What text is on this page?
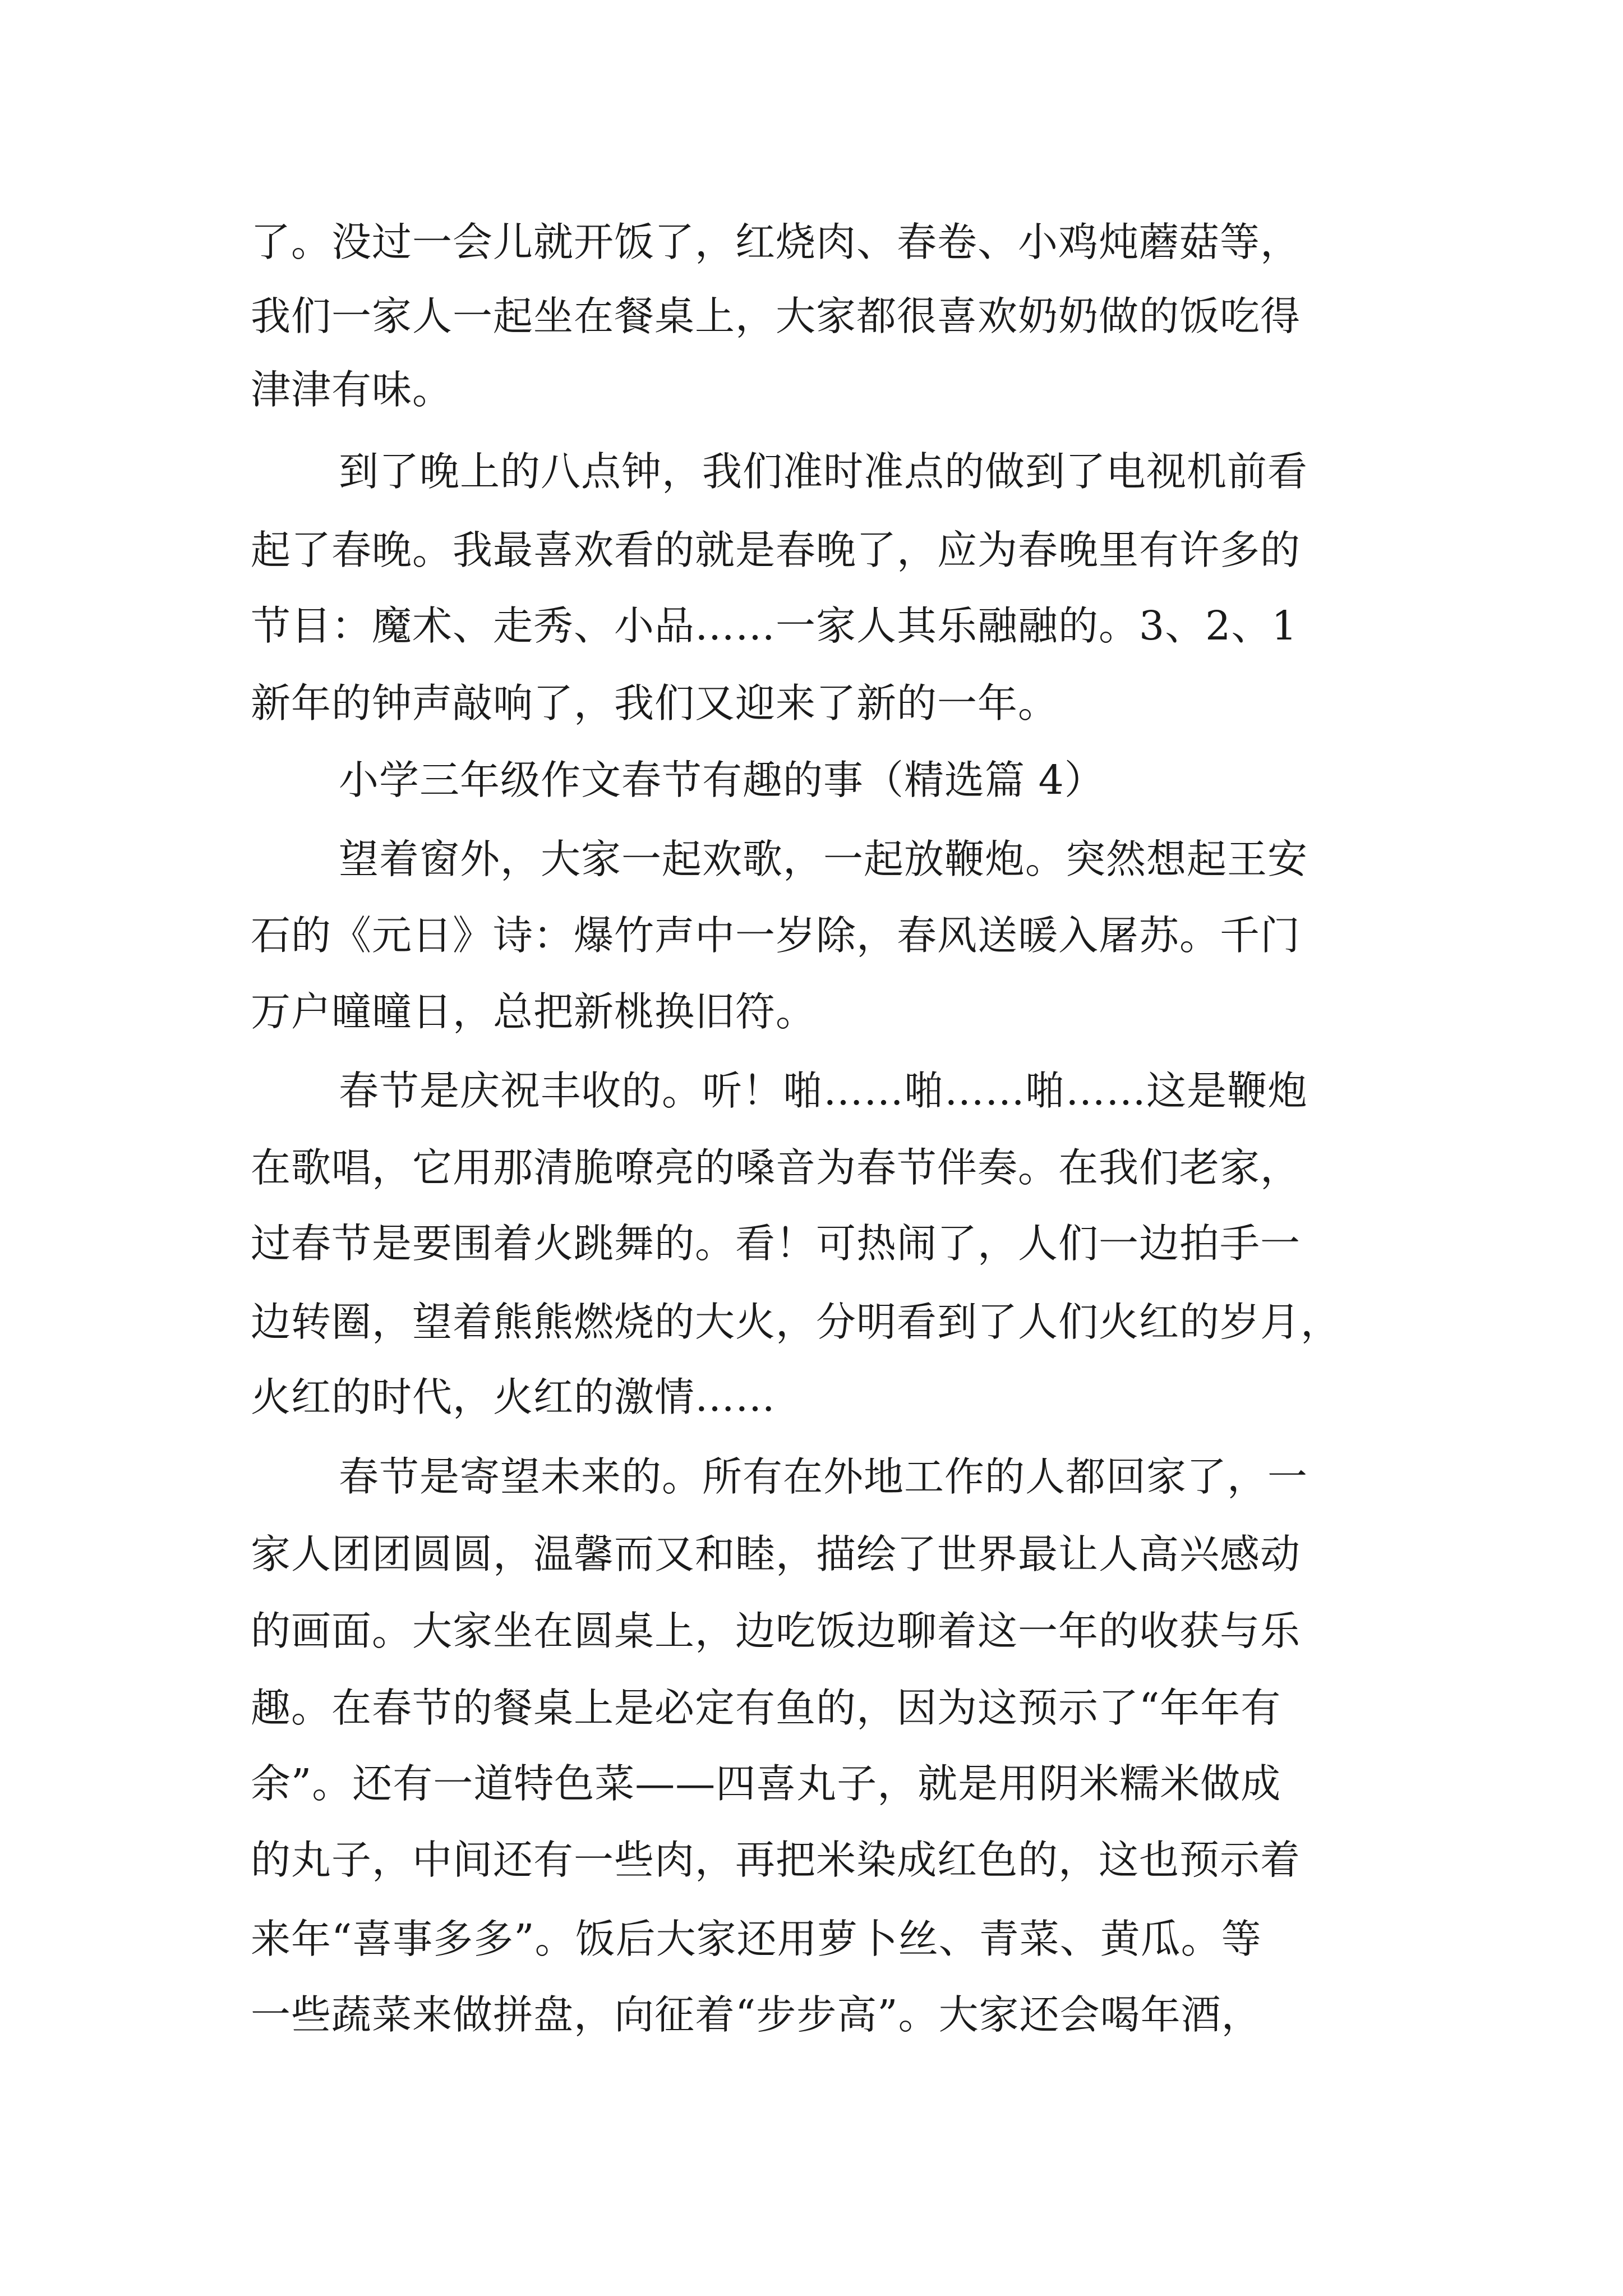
了。没过一会儿就开饭了，红烧肉、春卷、小鸡炖蘑菇等，

我们一家人一起坐在餐桌上，大家都很喜欢奶奶做的饭吃得

津津有味。

到了晚上的八点钟，我们准时准点的做到了电视机前看

起了春晚。我最喜欢看的就是春晚了，应为春晚里有许多的

节目：魔术、走秀、小品……一家人其乐融融的。3、2、1

新年的钟声敲响了，我们又迎来了新的一年。

小学三年级作文春节有趣的事（精选篇 4）

望着窗外，大家一起欢歌，一起放鞭炮。突然想起王安

石的《元日》诗：爆竹声中一岁除，春风送暖入屠苏。千门

万户曈曈日，总把新桃换旧符。

春节是庆祝丰收的。听！啪……啪……啪……这是鞭炮

在歌唱，它用那清脆嘹亮的嗓音为春节伴奏。在我们老家，

过春节是要围着火跳舞的。看！可热闹了，人们一边拍手一

边转圈，望着熊熊燃烧的大火，分明看到了人们火红的岁月，

火红的时代，火红的激情……

春节是寄望未来的。所有在外地工作的人都回家了，一

家人团团圆圆，温馨而又和睦，描绘了世界最让人高兴感动

的画面。大家坐在圆桌上，边吃饭边聊着这一年的收获与乐

趣。在春节的餐桌上是必定有鱼的，因为这预示了“年年有

余”。还有一道特色菜——四喜丸子，就是用阴米糯米做成

的丸子，中间还有一些肉，再把米染成红色的，这也预示着

来年“喜事多多”。饭后大家还用萝卜丝、青菜、黄瓜。等

一些蔬菜来做拼盘，向征着“步步高”。大家还会喝年酒，
